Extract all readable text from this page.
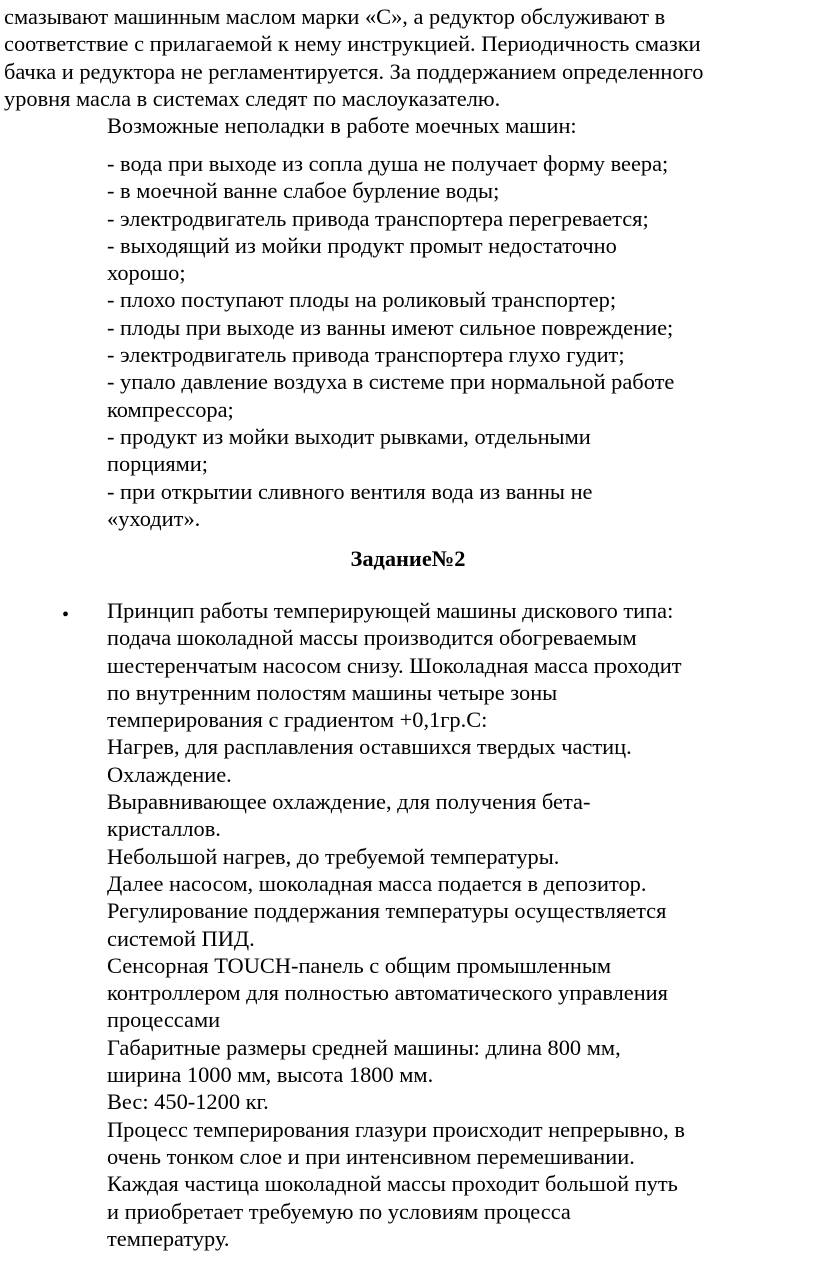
смазывают машинным маслом марки «С», а редуктор обслуживают в
соответствие с прилагаемой к нему инструкцией. Периодичность смазки
бачка и редуктора не регламентируется. За поддержанием определенного
уровня масла в системах следят по маслоуказателю.

Возможные неполадки в работе моечных машин:

- вода при выходе из сопла душа не получает форму веера;
- в моечной ванне слабое бурление воды;
- электродвигатель привода транспортера перегревается;
- выходящий из мойки продукт промыт недостаточно
хорошо;
- плохо поступают плоды на роликовый транспортер;
- плоды при выходе из ванны имеют сильное повреждение;
- электродвигатель привода транспортера глухо гудит;
- упало давление воздуха в системе при нормальной работе
компрессора;
- продукт из мойки выходит рывками, отдельными
порциями;
- при открытии сливного вентиля вода из ванны не
«уходит».
Задание№2
•	Принцип работы темперирующей машины дискового типа:
подача шоколадной массы производится обогреваемым
шестеренчатым насосом снизу. Шоколадная масса проходит
по внутренним полостям машины четыре зоны
темперирования с градиентом +0,1гр.С:
Нагрев, для расплавления оставшихся твердых частиц.
Охлаждение.
Выравнивающее охлаждение, для получения бета-
кристаллов.
Небольшой нагрев, до требуемой температуры.
Далее насосом, шоколадная масса подается в депозитор.
Регулирование поддержания температуры осуществляется
системой ПИД.
Сенсорная TOUCH-панель с общим промышленным
контроллером для полностью автоматического управления
процессами
Габаритные размеры средней машины: длина 800 мм,
ширина 1000 мм, высота 1800 мм.
Вес: 450-1200 кг.
Процесс темперирования глазури происходит непрерывно, в
очень тонком слое и при интенсивном перемешивании.
Каждая частица шоколадной массы проходит большой путь
и приобретает требуемую по условиям процесса
температуру.
